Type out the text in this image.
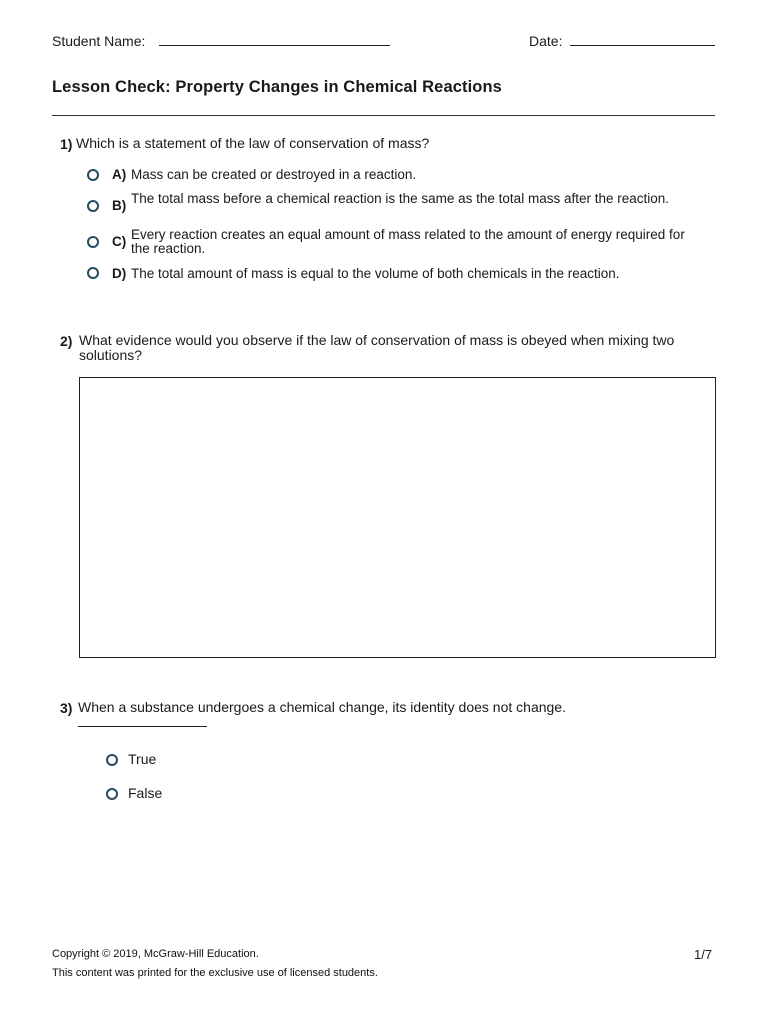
Student Name:	Date:
Lesson Check: Property Changes in Chemical Reactions
1) Which is a statement of the law of conservation of mass?
A) Mass can be created or destroyed in a reaction.
B) The total mass before a chemical reaction is the same as the total mass after the reaction.
C) Every reaction creates an equal amount of mass related to the amount of energy required for the reaction.
D) The total amount of mass is equal to the volume of both chemicals in the reaction.
2) What evidence would you observe if the law of conservation of mass is obeyed when mixing two solutions?
3) When a substance undergoes a chemical change, its identity does not change.
True
False
Copyright © 2019, McGraw-Hill Education.
This content was printed for the exclusive use of licensed students.
1/7
